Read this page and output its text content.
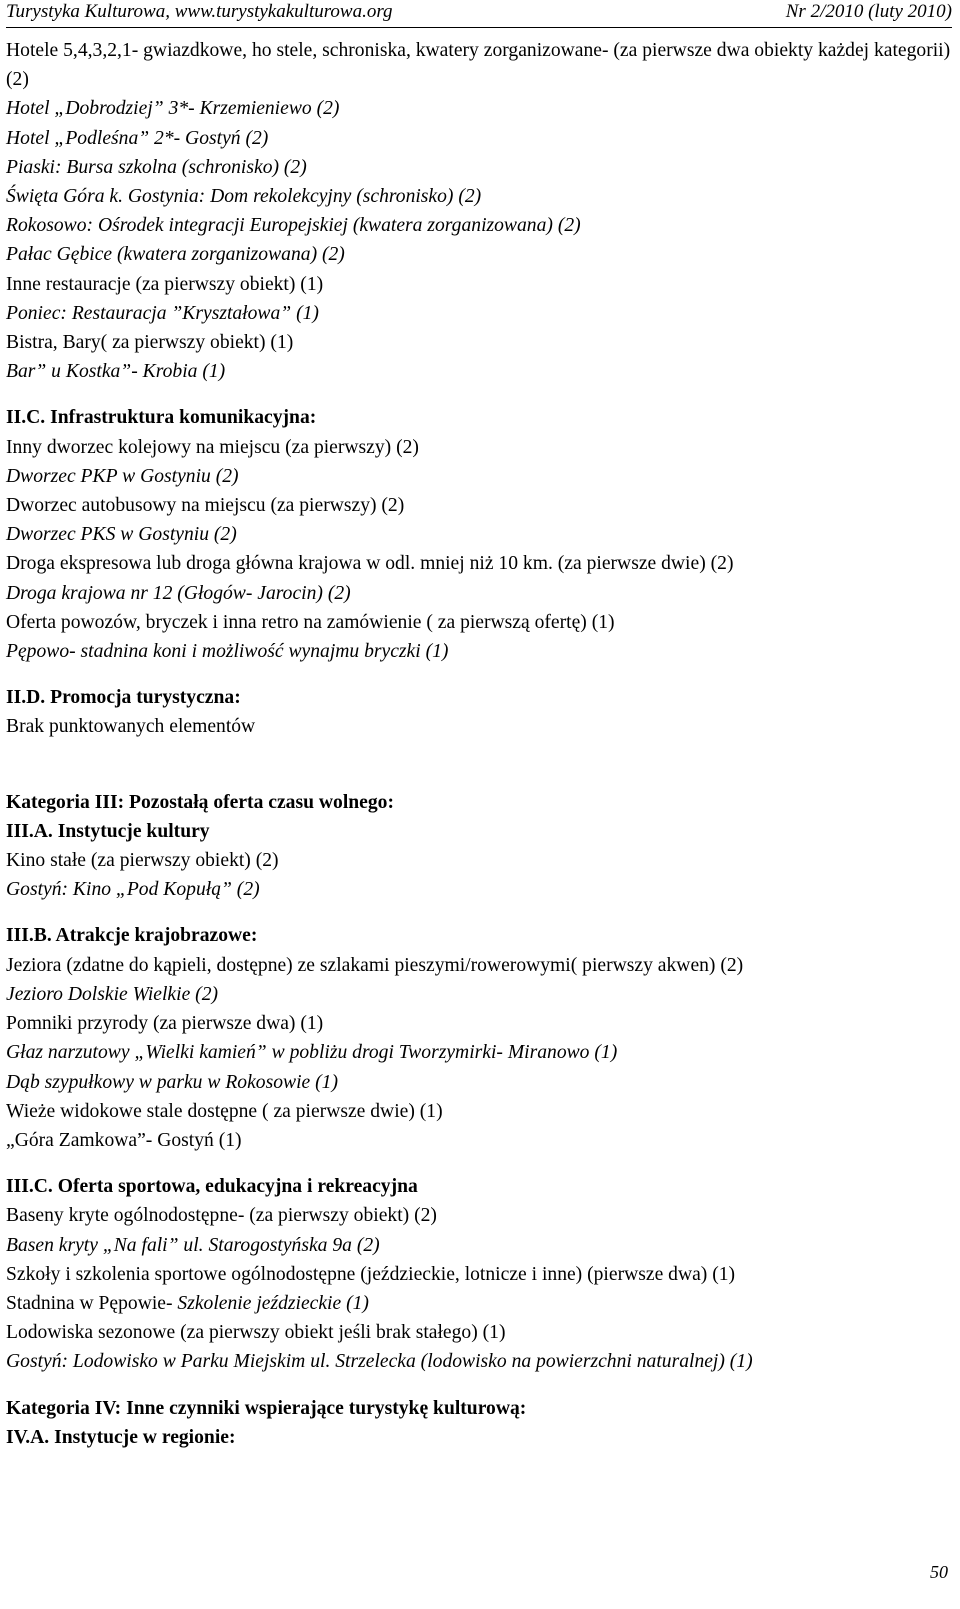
Turystyka Kulturowa, www.turystykakulturowa.org	Nr 2/2010 (luty 2010)
Hotele 5,4,3,2,1- gwiazdkowe, ho stele, schroniska, kwatery zorganizowane- (za pierwsze dwa obiekty każdej kategorii) (2)
Hotel „Dobrodziej” 3*- Krzemieniewo (2)
Hotel „Podleśna” 2*- Gostyń (2)
Piaski: Bursa szkolna (schronisko) (2)
Święta Góra k. Gostynia: Dom rekolekcyjny (schronisko) (2)
Rokosowo: Ośrodek integracji Europejskiej (kwatera zorganizowana) (2)
Pałac Gębice (kwatera zorganizowana) (2)
Inne restauracje (za pierwszy obiekt) (1)
Poniec: Restauracja ”Kryształowa” (1)
Bistra, Bary( za pierwszy obiekt) (1)
Bar” u Kostka”- Krobia (1)
II.C. Infrastruktura komunikacyjna:
Inny dworzec kolejowy na miejscu (za pierwszy) (2)
Dworzec PKP w Gostyniu (2)
Dworzec autobusowy na miejscu (za pierwszy) (2)
Dworzec PKS w Gostyniu (2)
Droga ekspresowa lub droga główna krajowa w odl. mniej niż 10 km. (za pierwsze dwie) (2)
Droga krajowa nr 12 (Głogów- Jarocin) (2)
Oferta powozów, bryczek i inna retro na zamówienie ( za pierwszą ofertę) (1)
Pępowo- stadnina koni i możliwość wynajmu bryczki (1)
II.D. Promocja turystyczna:
Brak punktowanych elementów
Kategoria III: Pozostałą oferta czasu wolnego:
III.A. Instytucje kultury
Kino stałe (za pierwszy obiekt) (2)
Gostyń: Kino „Pod Kopułą” (2)
III.B. Atrakcje krajobrazowe:
Jeziora (zdatne do kąpieli, dostępne) ze szlakami pieszymi/rowerowymi( pierwszy akwen) (2)
Jezioro Dolskie Wielkie (2)
Pomniki przyrody (za pierwsze dwa) (1)
Głaz narzutowy „Wielki kamień” w pobliżu drogi Tworzymirki- Miranowo (1)
Dąb szypułkowy w parku w Rokosowie (1)
Wieże widokowe stale dostępne ( za pierwsze dwie) (1)
„Góra Zamkowa”- Gostyń (1)
III.C. Oferta sportowa, edukacyjna i rekreacyjna
Baseny kryte ogólnodostępne- (za pierwszy obiekt) (2)
Basen kryty „Na fali” ul. Starogostyńska 9a (2)
Szkoły i szkolenia sportowe ogólnodostępne (jeździeckie, lotnicze i inne) (pierwsze dwa) (1)
Stadnina w Pępowie- Szkolenie jeździeckie (1)
Lodowiska sezonowe (za pierwszy obiekt jeśli brak stałego) (1)
Gostyń: Lodowisko w Parku Miejskim ul. Strzelecka (lodowisko na powierzchni naturalnej) (1)
Kategoria IV: Inne czynniki wspierające turystykę kulturową:
IV.A. Instytucje w regionie:
50
